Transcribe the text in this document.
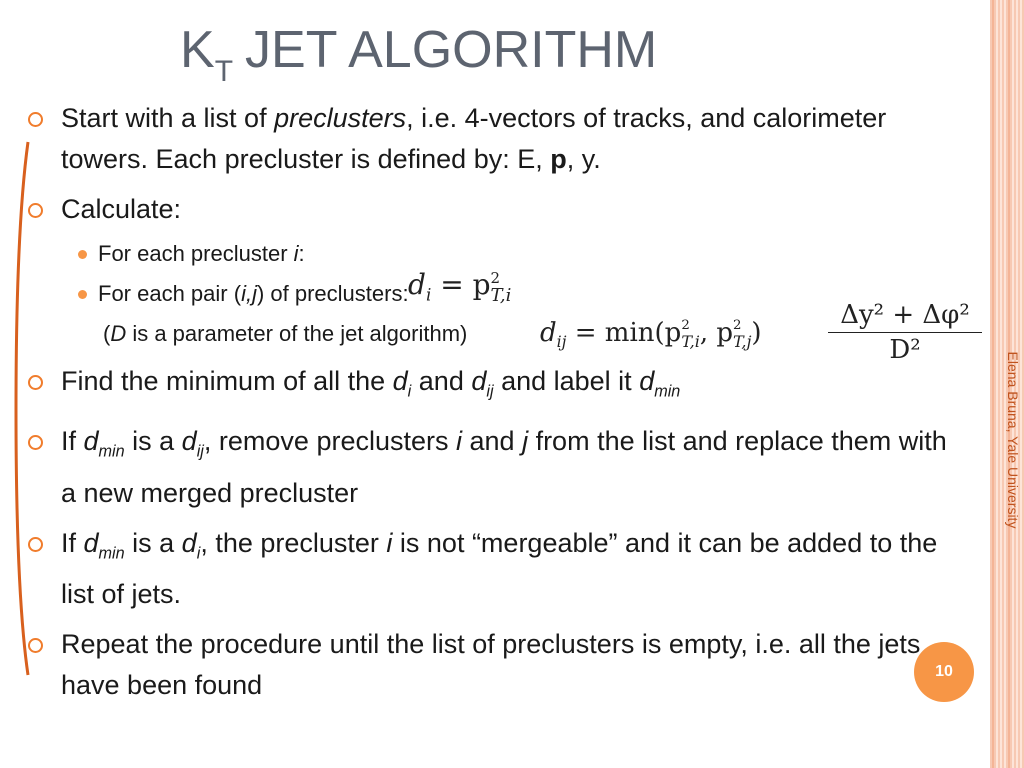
Elena Bruna, Yale University
$K_T$ JET ALGORITHM
Start with a list of preclusters, i.e. 4-vectors of tracks, and calorimeter towers. Each precluster is defined by: E, p, y.
Calculate:
For each precluster i:
For each pair (i,j) of preclusters:
(D is a parameter of the jet algorithm)
Find the minimum of all the $d_i$ and $d_{ij}$ and label it $d_{min}$
If $d_{min}$ is a $d_{ij}$, remove preclusters i and j from the list and replace them with a new merged precluster
If $d_{min}$ is a $d_i$, the precluster i is not “mergeable” and it can be added to the list of jets.
Repeat the procedure until the list of preclusters is empty, i.e. all the jets have been found
$d_i = p$ 2
T,i
$d_{ij} = \min(p$ 2
T,i , p 2
T,j )
Δy² + Δφ²
D²
10
